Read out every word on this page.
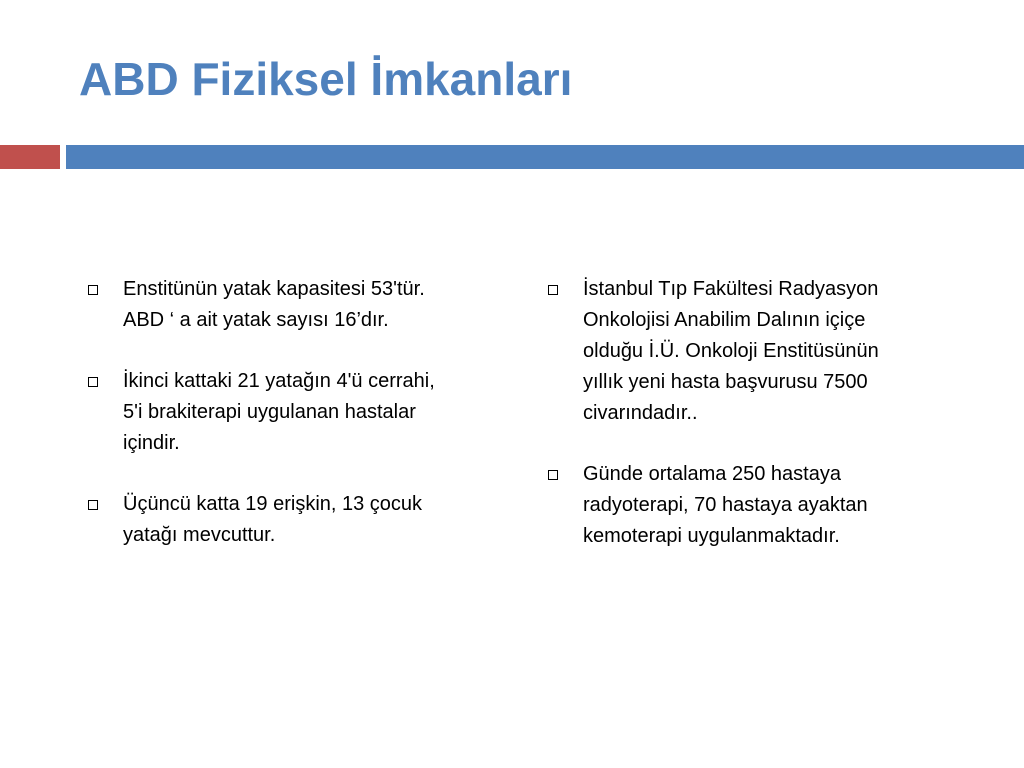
ABD Fiziksel İmkanları
Enstitünün yatak kapasitesi 53'tür.
ABD ‘ a ait yatak sayısı 16’dır.
İkinci kattaki 21 yatağın 4'ü cerrahi,
5'i brakiterapi uygulanan hastalar
içindir.
Üçüncü katta 19 erişkin, 13 çocuk
yatağı mevcuttur.
İstanbul Tıp Fakültesi Radyasyon
Onkolojisi Anabilim Dalının içiçe
olduğu İ.Ü. Onkoloji Enstitüsünün
yıllık yeni hasta başvurusu 7500
civarındadır..
Günde ortalama 250 hastaya
radyoterapi, 70 hastaya ayaktan
kemoterapi uygulanmaktadır.
